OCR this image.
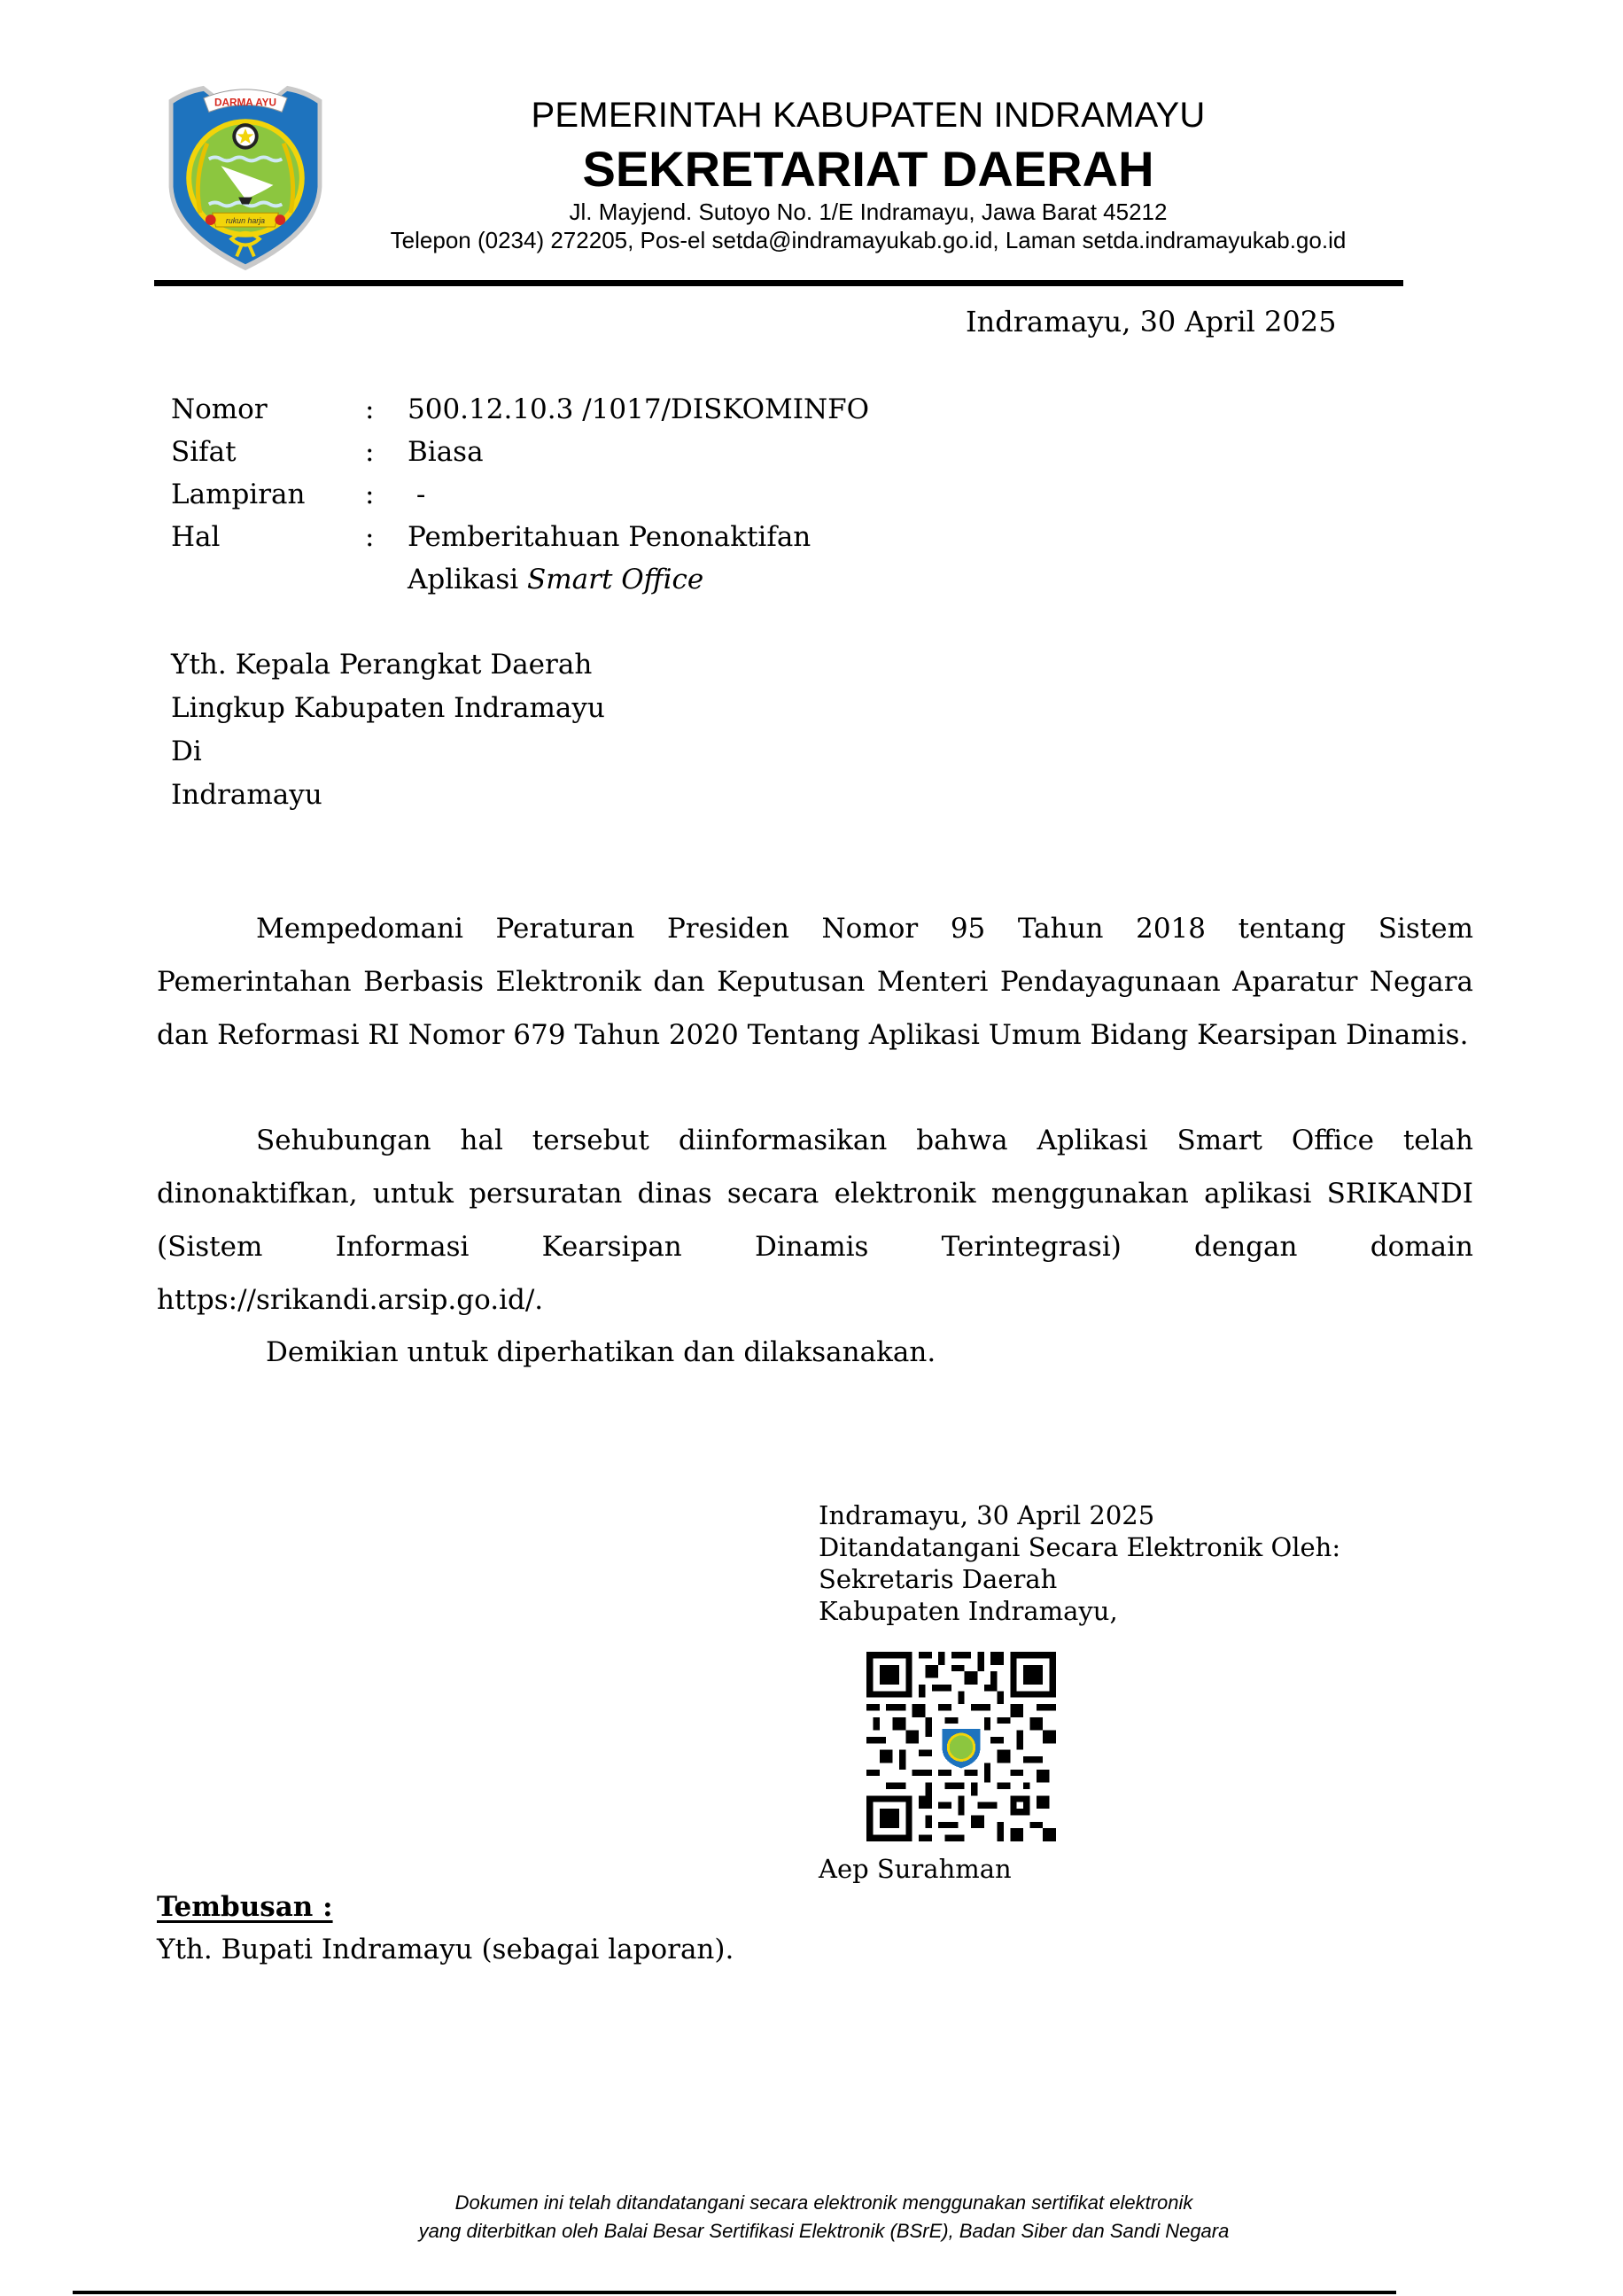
DARMA AYU
rukun harja
PEMERINTAH KABUPATEN INDRAMAYU
SEKRETARIAT DAERAH
Jl. Mayjend. Sutoyo No. 1/E Indramayu, Jawa Barat 45212
Telepon (0234) 272205, Pos-el setda@indramayukab.go.id, Laman setda.indramayukab.go.id
Indramayu, 30 April 2025
Nomor	: 500.12.10.3 /1017/DISKOMINFO
Sifat	: Biasa
Lampiran	: -
Hal	: Pemberitahuan Penonaktifan
Aplikasi Smart Office
Yth. Kepala Perangkat Daerah
Lingkup Kabupaten Indramayu
Di
Indramayu
Mempedomani Peraturan Presiden Nomor 95 Tahun 2018 tentang Sistem Pemerintahan Berbasis Elektronik dan Keputusan Menteri Pendayagunaan Aparatur Negara dan Reformasi RI Nomor 679 Tahun 2020 Tentang Aplikasi Umum Bidang Kearsipan Dinamis.
Sehubungan hal tersebut diinformasikan bahwa Aplikasi Smart Office telah dinonaktifkan, untuk persuratan dinas secara elektronik menggunakan aplikasi SRIKANDI (Sistem Informasi Kearsipan Dinamis Terintegrasi) dengan domain https://srikandi.arsip.go.id/.
Demikian untuk diperhatikan dan dilaksanakan.
Indramayu, 30 April 2025
Ditandatangani Secara Elektronik Oleh:
Sekretaris Daerah
Kabupaten Indramayu,
Aep Surahman
Tembusan :
Yth. Bupati Indramayu (sebagai laporan).
Dokumen ini telah ditandatangani secara elektronik menggunakan sertifikat elektronik
yang diterbitkan oleh Balai Besar Sertifikasi Elektronik (BSrE), Badan Siber dan Sandi Negara
